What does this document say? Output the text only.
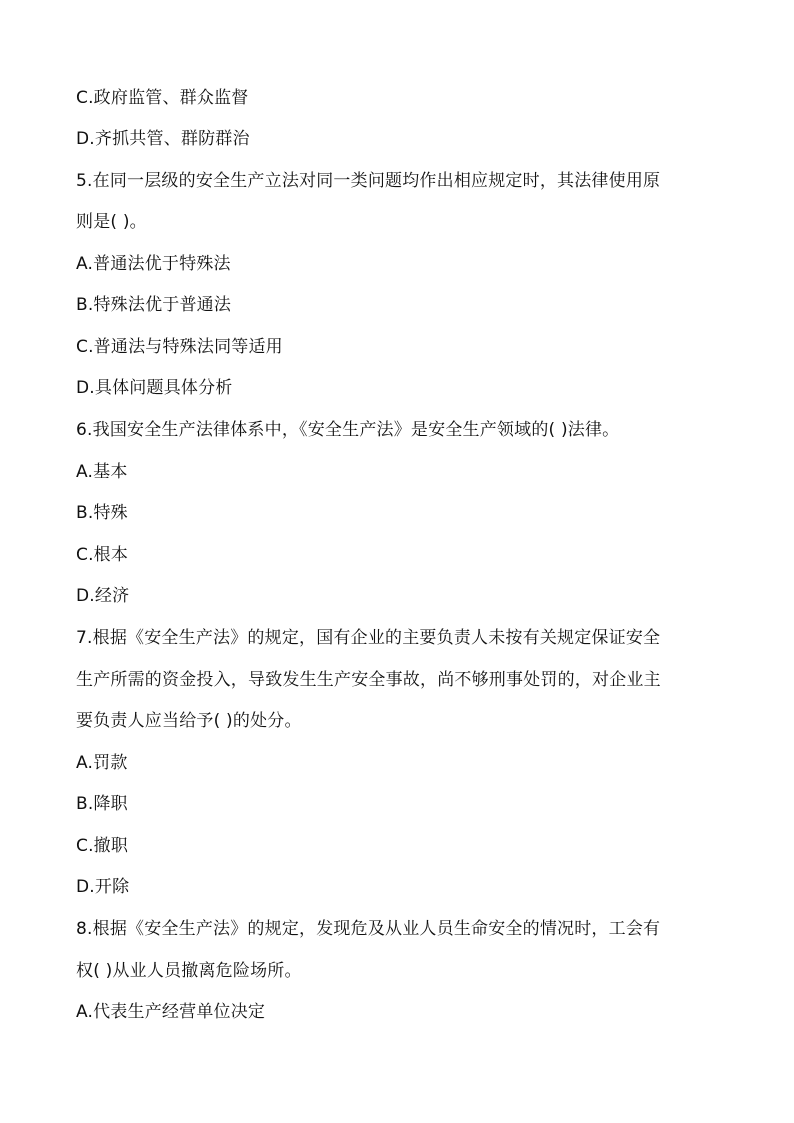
C.政府监管、群众监督
D.齐抓共管、群防群治
5.在同一层级的安全生产立法对同一类问题均作出相应规定时，其法律使用原
则是( )。
A.普通法优于特殊法
B.特殊法优于普通法
C.普通法与特殊法同等适用
D.具体问题具体分析
6.我国安全生产法律体系中，《安全生产法》是安全生产领域的( )法律。
A.基本
B.特殊
C.根本
D.经济
7.根据《安全生产法》的规定，国有企业的主要负责人未按有关规定保证安全
生产所需的资金投入，导致发生生产安全事故，尚不够刑事处罚的，对企业主
要负责人应当给予( )的处分。
A.罚款
B.降职
C.撤职
D.开除
8.根据《安全生产法》的规定，发现危及从业人员生命安全的情况时，工会有
权( )从业人员撤离危险场所。
A.代表生产经营单位决定
